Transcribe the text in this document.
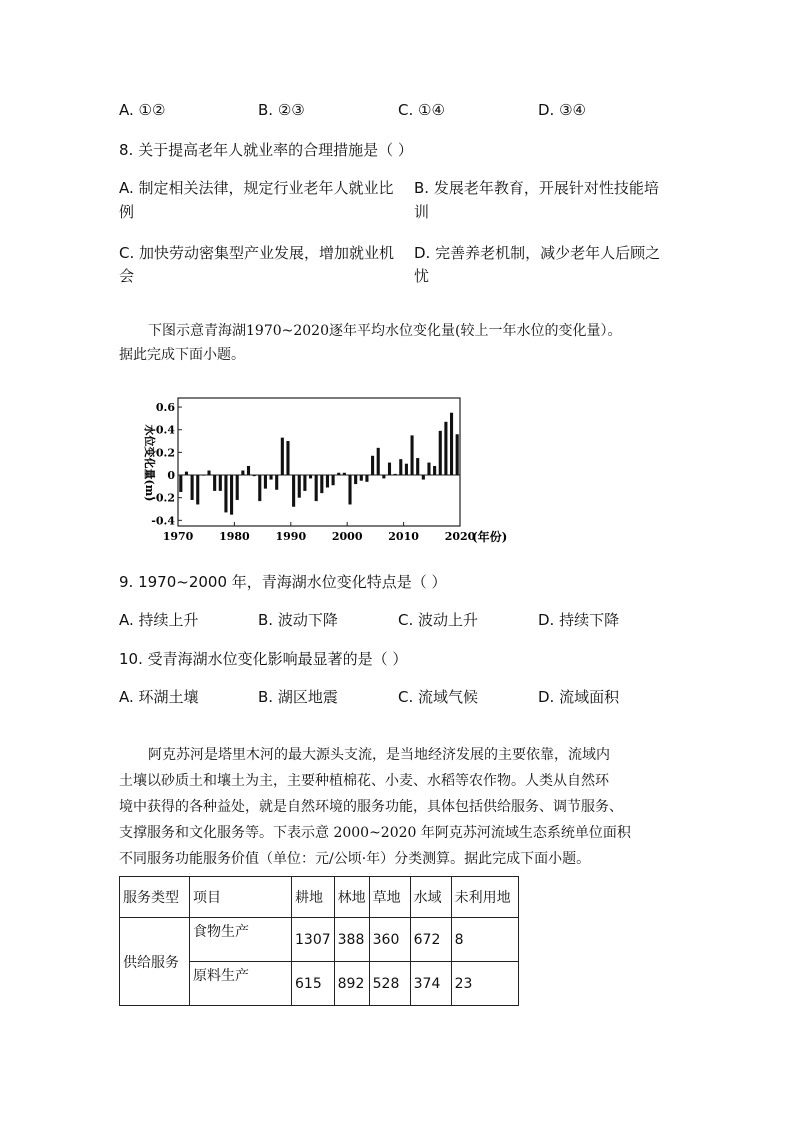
A. ①②	B. ②③	C. ①④	D. ③④
8. 关于提高老年人就业率的合理措施是（ ）
A. 制定相关法律，规定行业老年人就业比
例
B. 发展老年教育，开展针对性技能培
训
C. 加快劳动密集型产业发展，增加就业机
会
D. 完善养老机制，减少老年人后顾之
忧
下图示意青海湖1970~2020逐年平均水位变化量(较上一年水位的变化量）。
据此完成下面小题。
-0.4
-0.2
0
0.2
0.4
0.6
1970 1980 1990 2000 2010 2020
水位变化量(m)
(年份)
9. 1970~2000 年，青海湖水位变化特点是（ ）
A. 持续上升	B. 波动下降	C. 波动上升	D. 持续下降
10. 受青海湖水位变化影响最显著的是（ ）
A. 环湖土壤	B. 湖区地震	C. 流域气候	D. 流域面积
阿克苏河是塔里木河的最大源头支流，是当地经济发展的主要依靠，流域内
土壤以砂质土和壤土为主，主要种植棉花、小麦、水稻等农作物。人类从自然环
境中获得的各种益处，就是自然环境的服务功能，具体包括供给服务、调节服务、
支撑服务和文化服务等。下表示意 2000~2020 年阿克苏河流域生态系统单位面积
不同服务功能服务价值（单位：元/公顷·年）分类测算。据此完成下面小题。
服务类型	项目	耕地	林地	草地	水域	未利用地
供给服务	食物生产	1307	388	360	672	8
	原料生产	615	892	528	374	23
